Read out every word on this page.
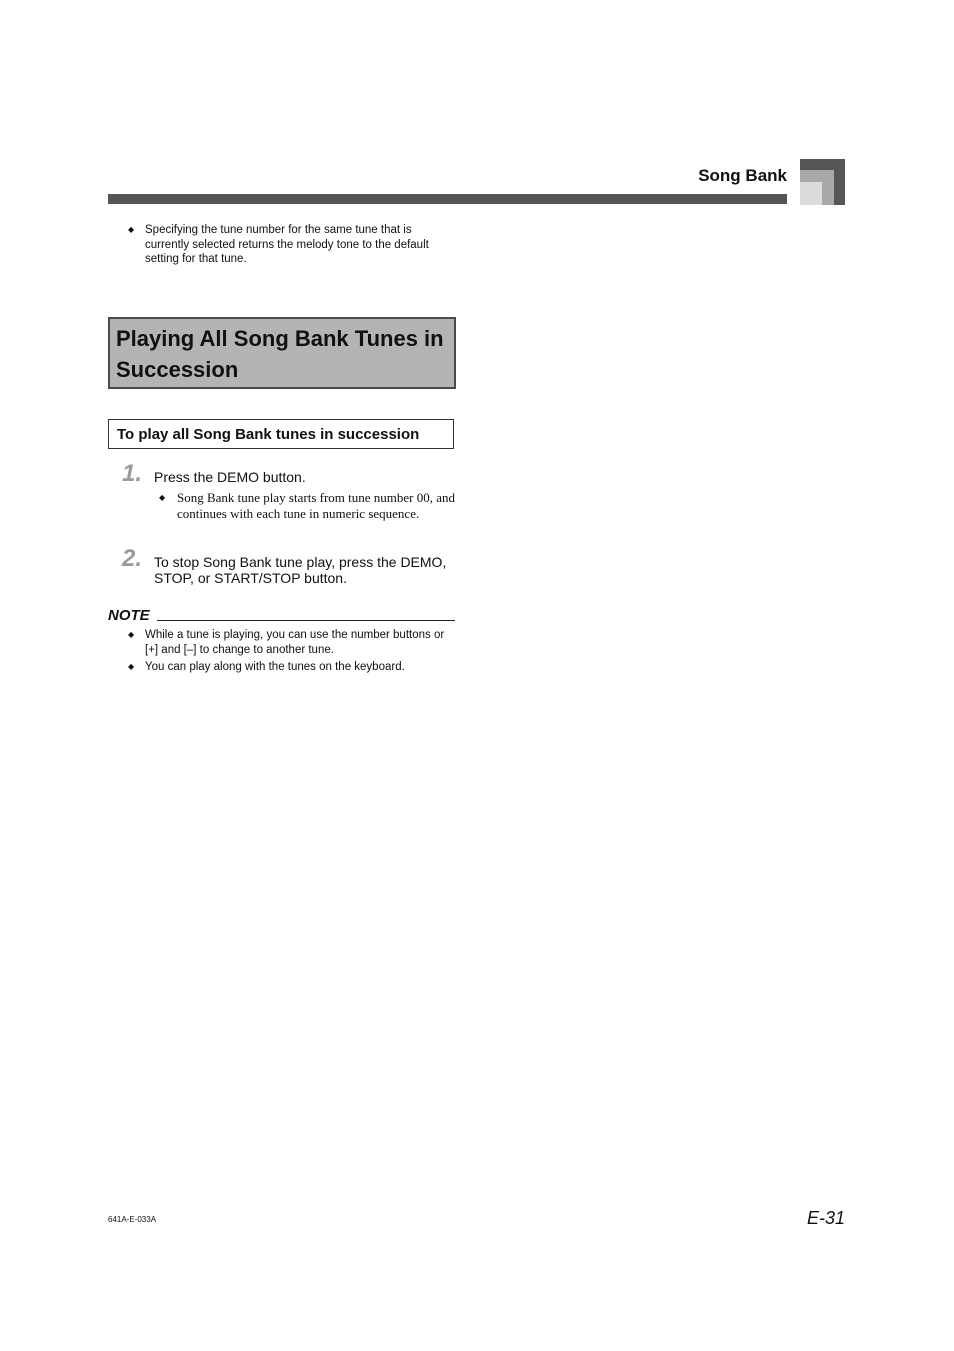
Song Bank
◆ Specifying the tune number for the same tune that is currently selected returns the melody tone to the default setting for that tune.
Playing All Song Bank Tunes in Succession
To play all Song Bank tunes in succession
1. Press the DEMO button.
◆ Song Bank tune play starts from tune number 00, and continues with each tune in numeric sequence.
2. To stop Song Bank tune play, press the DEMO, STOP, or START/STOP button.
NOTE
◆ While a tune is playing, you can use the number buttons or [+] and [–] to change to another tune.
◆ You can play along with the tunes on the keyboard.
641A-E-033A	E-31
